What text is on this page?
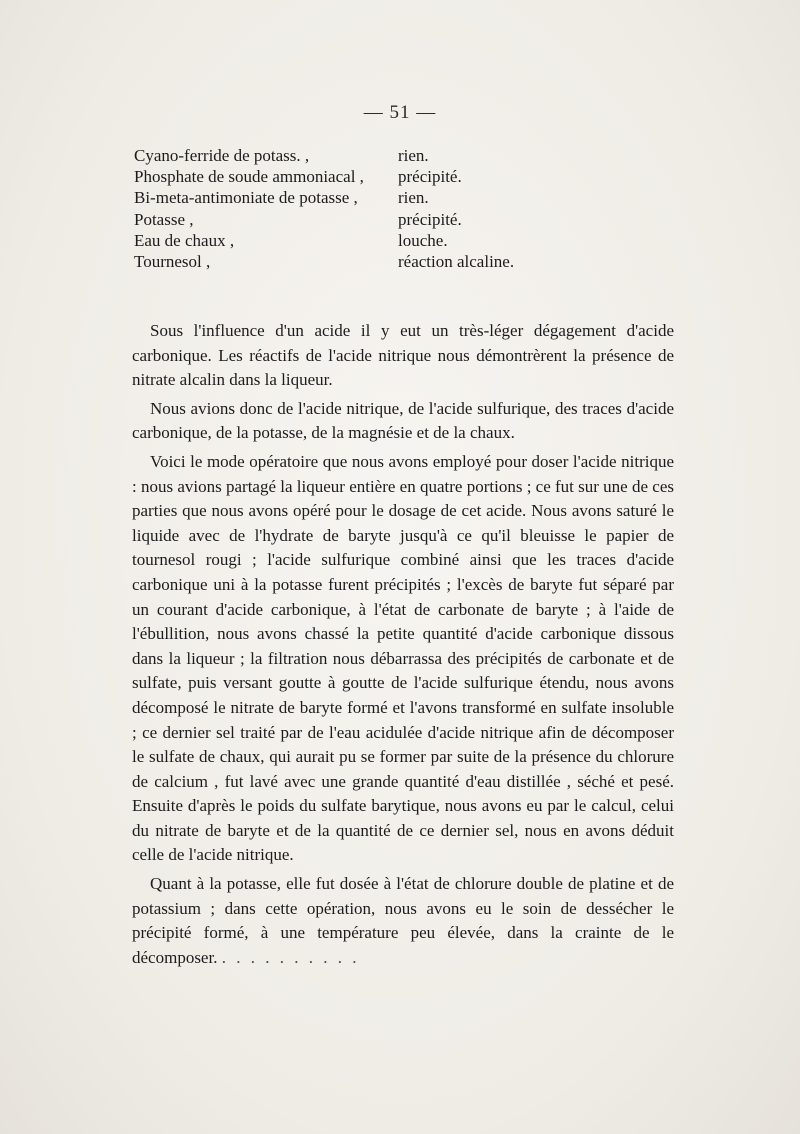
— 51 —
Cyano-ferride de potass. ,	rien.
Phosphate de soude ammoniacal ,	précipité.
Bi-meta-antimoniate de potasse ,	rien.
Potasse ,	précipité.
Eau de chaux ,	louche.
Tournesol ,	réaction alcaline.

Sous l'influence d'un acide il y eut un très-léger dégagement d'acide carbonique. Les réactifs de l'acide nitrique nous démontrèrent la présence de nitrate alcalin dans la liqueur.

Nous avions donc de l'acide nitrique, de l'acide sulfurique, des traces d'acide carbonique, de la potasse, de la magnésie et de la chaux.

Voici le mode opératoire que nous avons employé pour doser l'acide nitrique : nous avions partagé la liqueur entière en quatre portions ; ce fut sur une de ces parties que nous avons opéré pour le dosage de cet acide. Nous avons saturé le liquide avec de l'hydrate de baryte jusqu'à ce qu'il bleuisse le papier de tournesol rougi ; l'acide sulfurique combiné ainsi que les traces d'acide carbonique uni à la potasse furent précipités ; l'excès de baryte fut séparé par un courant d'acide carbonique, à l'état de carbonate de baryte ; à l'aide de l'ébullition, nous avons chassé la petite quantité d'acide carbonique dissous dans la liqueur ; la filtration nous débarrassa des précipités de carbonate et de sulfate, puis versant goutte à goutte de l'acide sulfurique étendu, nous avons décomposé le nitrate de baryte formé et l'avons transformé en sulfate insoluble ; ce dernier sel traité par de l'eau acidulée d'acide nitrique afin de décomposer le sulfate de chaux, qui aurait pu se former par suite de la présence du chlorure de calcium , fut lavé avec une grande quantité d'eau distillée , séché et pesé. Ensuite d'après le poids du sulfate barytique, nous avons eu par le calcul, celui du nitrate de baryte et de la quantité de ce dernier sel, nous en avons déduit celle de l'acide nitrique.

Quant à la potasse, elle fut dosée à l'état de chlorure double de platine et de potassium ; dans cette opération, nous avons eu le soin de dessécher le précipité formé, à une température peu élevée, dans la crainte de le décomposer. . . . . . . . . . .
